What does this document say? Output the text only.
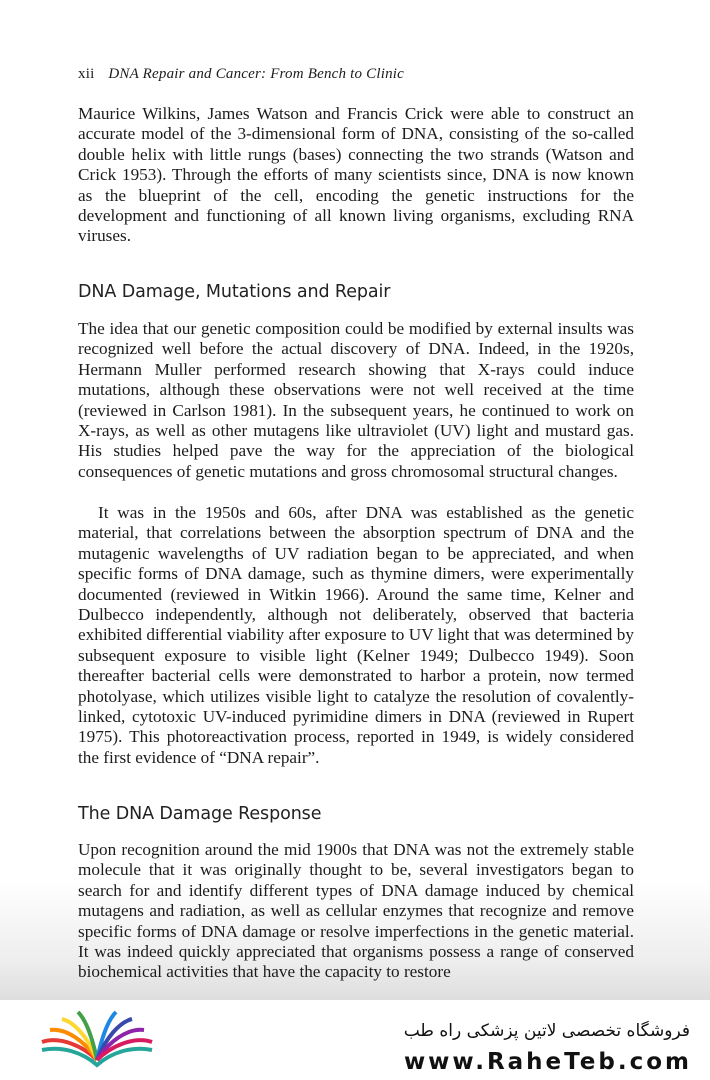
xii DNA Repair and Cancer: From Bench to Clinic

Maurice Wilkins, James Watson and Francis Crick were able to construct an accurate model of the 3-dimensional form of DNA, consisting of the so-called double helix with little rungs (bases) connecting the two strands (Watson and Crick 1953). Through the efforts of many scientists since, DNA is now known as the blueprint of the cell, encoding the genetic instructions for the development and functioning of all known living organisms, excluding RNA viruses.

DNA Damage, Mutations and Repair

The idea that our genetic composition could be modified by external insults was recognized well before the actual discovery of DNA. Indeed, in the 1920s, Hermann Muller performed research showing that X-rays could induce mutations, although these observations were not well received at the time (reviewed in Carlson 1981). In the subsequent years, he continued to work on X-rays, as well as other mutagens like ultraviolet (UV) light and mustard gas. His studies helped pave the way for the appreciation of the biological consequences of genetic mutations and gross chromosomal structural changes.

It was in the 1950s and 60s, after DNA was established as the genetic material, that correlations between the absorption spectrum of DNA and the mutagenic wavelengths of UV radiation began to be appreciated, and when specific forms of DNA damage, such as thymine dimers, were experimentally documented (reviewed in Witkin 1966). Around the same time, Kelner and Dulbecco independently, although not deliberately, observed that bacteria exhibited differential viability after exposure to UV light that was determined by subsequent exposure to visible light (Kelner 1949; Dulbecco 1949). Soon thereafter bacterial cells were demonstrated to harbor a protein, now termed photolyase, which utilizes visible light to catalyze the resolution of covalently-linked, cytotoxic UV-induced pyrimidine dimers in DNA (reviewed in Rupert 1975). This photoreactivation process, reported in 1949, is widely considered the first evidence of “DNA repair”.

The DNA Damage Response

Upon recognition around the mid 1900s that DNA was not the extremely stable molecule that it was originally thought to be, several investigators began to search for and identify different types of DNA damage induced by chemical mutagens and radiation, as well as cellular enzymes that recognize and remove specific forms of DNA damage or resolve imperfections in the genetic material. It was indeed quickly appreciated that organisms possess a range of conserved biochemical activities that have the capacity to restore

فروشگاه تخصصی لاتین پزشکی راه طب
www.RaheTeb.com
